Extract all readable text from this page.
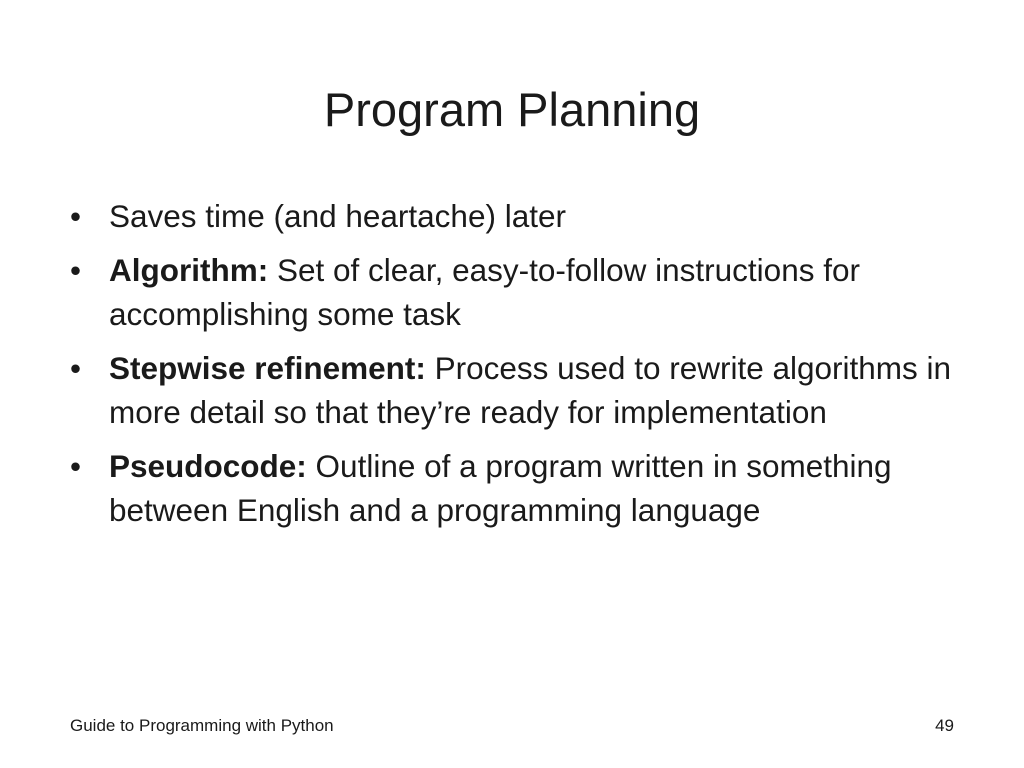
Program Planning
• Saves time (and heartache) later
• Algorithm: Set of clear, easy-to-follow instructions for accomplishing some task
• Stepwise refinement: Process used to rewrite algorithms in more detail so that they’re ready for implementation
• Pseudocode: Outline of a program written in something between English and a programming language
Guide to Programming with Python	49
